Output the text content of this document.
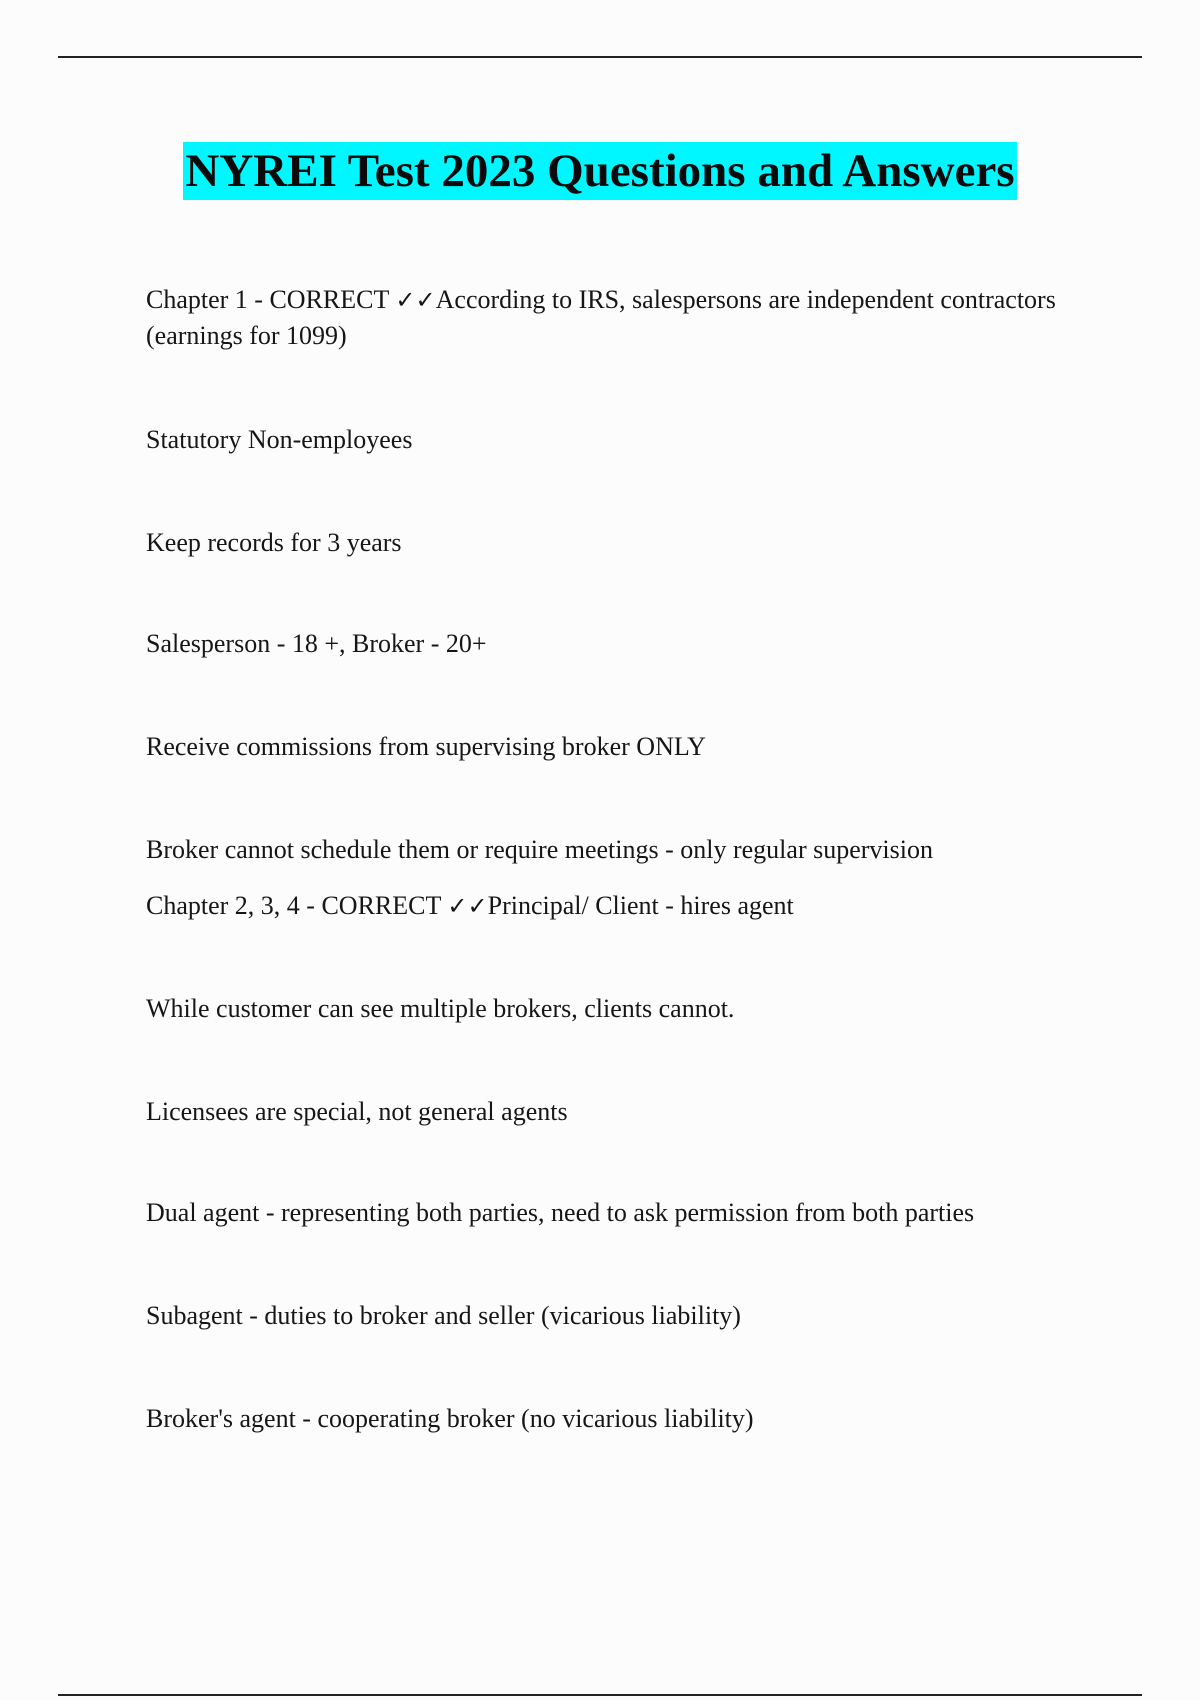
NYREI Test 2023 Questions and Answers
Chapter 1 - CORRECT ✓✓According to IRS, salespersons are independent contractors (earnings for 1099)
Statutory Non-employees
Keep records for 3 years
Salesperson - 18 +, Broker - 20+
Receive commissions from supervising broker ONLY
Broker cannot schedule them or require meetings - only regular supervision
Chapter 2, 3, 4 - CORRECT ✓✓Principal/ Client - hires agent
While customer can see multiple brokers, clients cannot.
Licensees are special, not general agents
Dual agent - representing both parties, need to ask permission from both parties
Subagent - duties to broker and seller (vicarious liability)
Broker's agent - cooperating broker (no vicarious liability)
